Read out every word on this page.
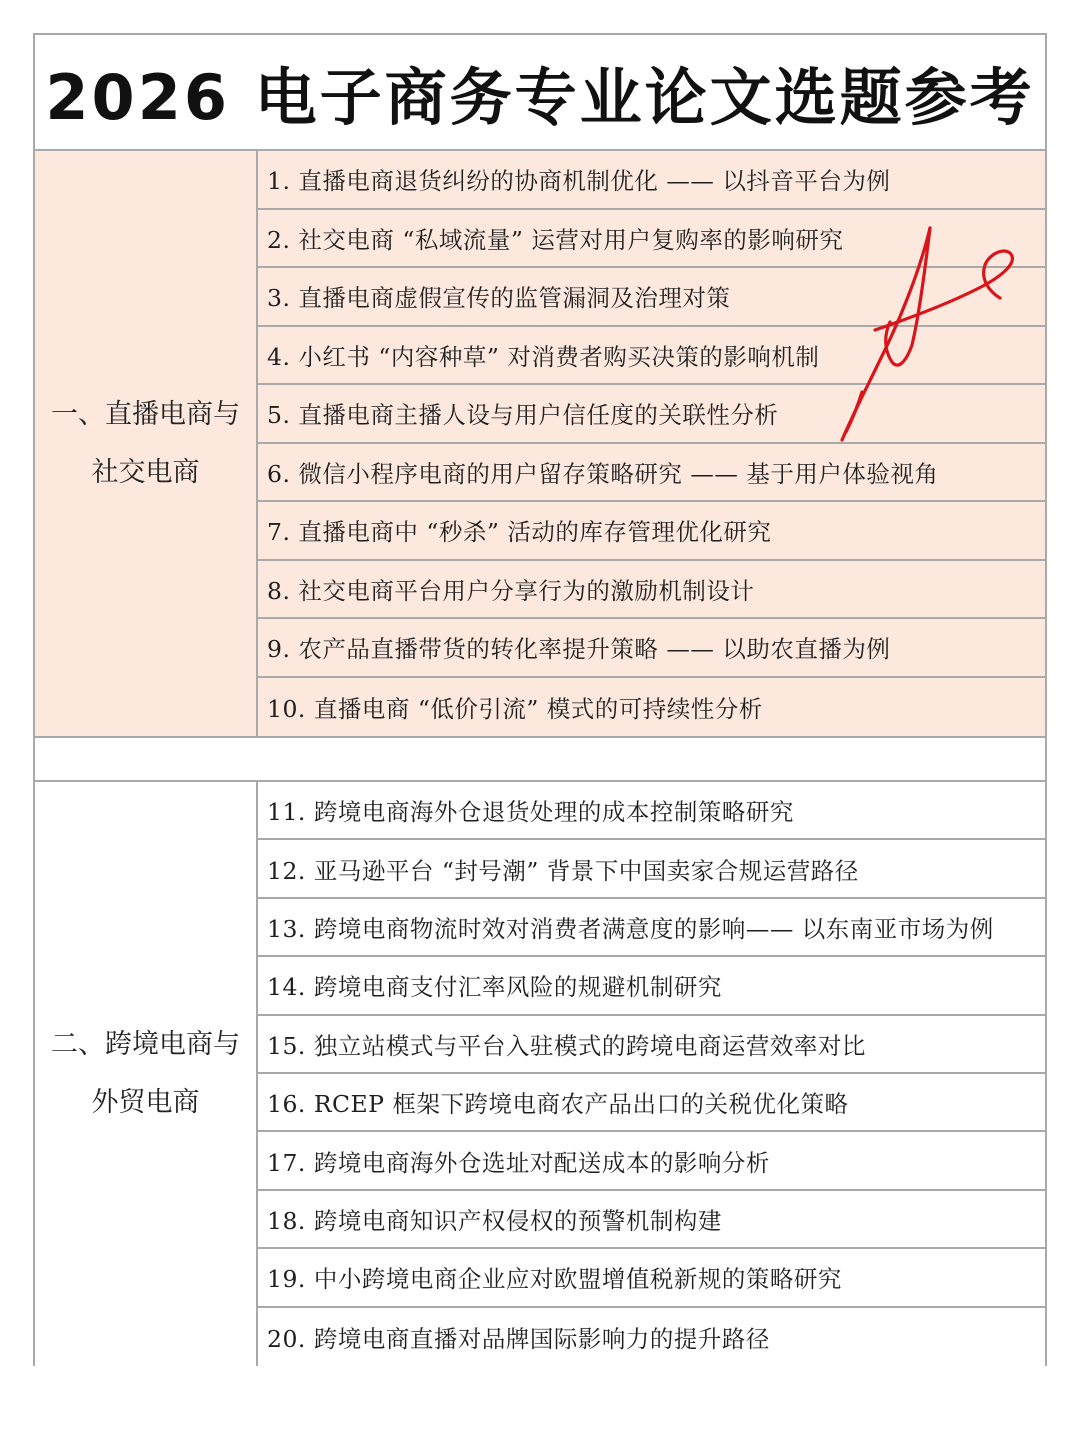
2026 电子商务专业论文选题参考
一、直播电商与
社交电商
1. 直播电商退货纠纷的协商机制优化 —— 以抖音平台为例
2. 社交电商 “私域流量” 运营对用户复购率的影响研究
3. 直播电商虚假宣传的监管漏洞及治理对策
4. 小红书 “内容种草” 对消费者购买决策的影响机制
5. 直播电商主播人设与用户信任度的关联性分析
6. 微信小程序电商的用户留存策略研究 —— 基于用户体验视角
7. 直播电商中 “秒杀” 活动的库存管理优化研究
8. 社交电商平台用户分享行为的激励机制设计
9. 农产品直播带货的转化率提升策略 —— 以助农直播为例
10. 直播电商 “低价引流” 模式的可持续性分析
二、跨境电商与
外贸电商
11. 跨境电商海外仓退货处理的成本控制策略研究
12. 亚马逊平台 “封号潮” 背景下中国卖家合规运营路径
13. 跨境电商物流时效对消费者满意度的影响—— 以东南亚市场为例
14. 跨境电商支付汇率风险的规避机制研究
15. 独立站模式与平台入驻模式的跨境电商运营效率对比
16. RCEP 框架下跨境电商农产品出口的关税优化策略
17. 跨境电商海外仓选址对配送成本的影响分析
18. 跨境电商知识产权侵权的预警机制构建
19. 中小跨境电商企业应对欧盟增值税新规的策略研究
20. 跨境电商直播对品牌国际影响力的提升路径
